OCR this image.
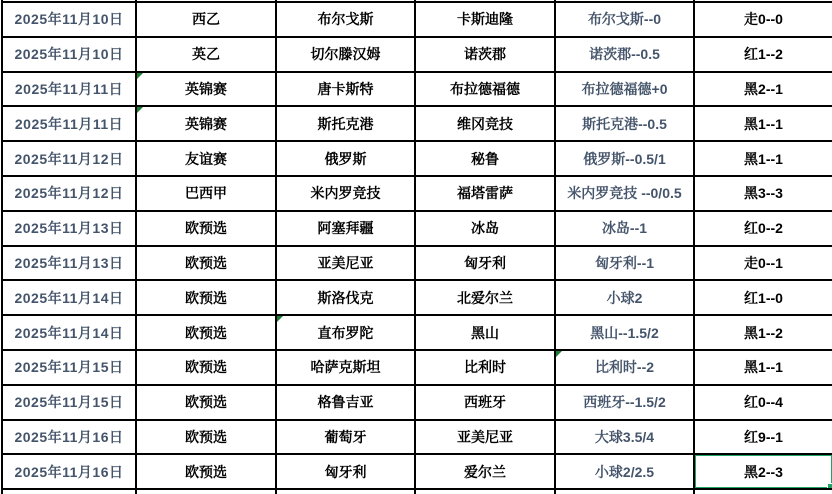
2025年11月10日	西乙	布尔戈斯	卡斯迪隆	布尔戈斯--0	走0--0
2025年11月10日	英乙	切尔滕汉姆	诺茨郡	诺茨郡--0.5	红1--2
2025年11月11日	英锦赛	唐卡斯特	布拉德福德	布拉德福德+0	黑2--1
2025年11月11日	英锦赛	斯托克港	维冈竞技	斯托克港--0.5	黑1--1
2025年11月12日	友谊赛	俄罗斯	秘鲁	俄罗斯--0.5/1	黑1--1
2025年11月12日	巴西甲	米内罗竞技	福塔雷萨	米内罗竞技 --0/0.5	黑3--3
2025年11月13日	欧预选	阿塞拜疆	冰岛	冰岛--1	红0--2
2025年11月13日	欧预选	亚美尼亚	匈牙利	匈牙利--1	走0--1
2025年11月14日	欧预选	斯洛伐克	北爱尔兰	小球2	红1--0
2025年11月14日	欧预选	直布罗陀	黑山	黑山--1.5/2	黑1--2
2025年11月15日	欧预选	哈萨克斯坦	比利时	比利时--2	黑1--1
2025年11月15日	欧预选	格鲁吉亚	西班牙	西班牙--1.5/2	红0--4
2025年11月16日	欧预选	葡萄牙	亚美尼亚	大球3.5/4	红9--1
2025年11月16日	欧预选	匈牙利	爱尔兰	小球2/2.5	黑2--3
